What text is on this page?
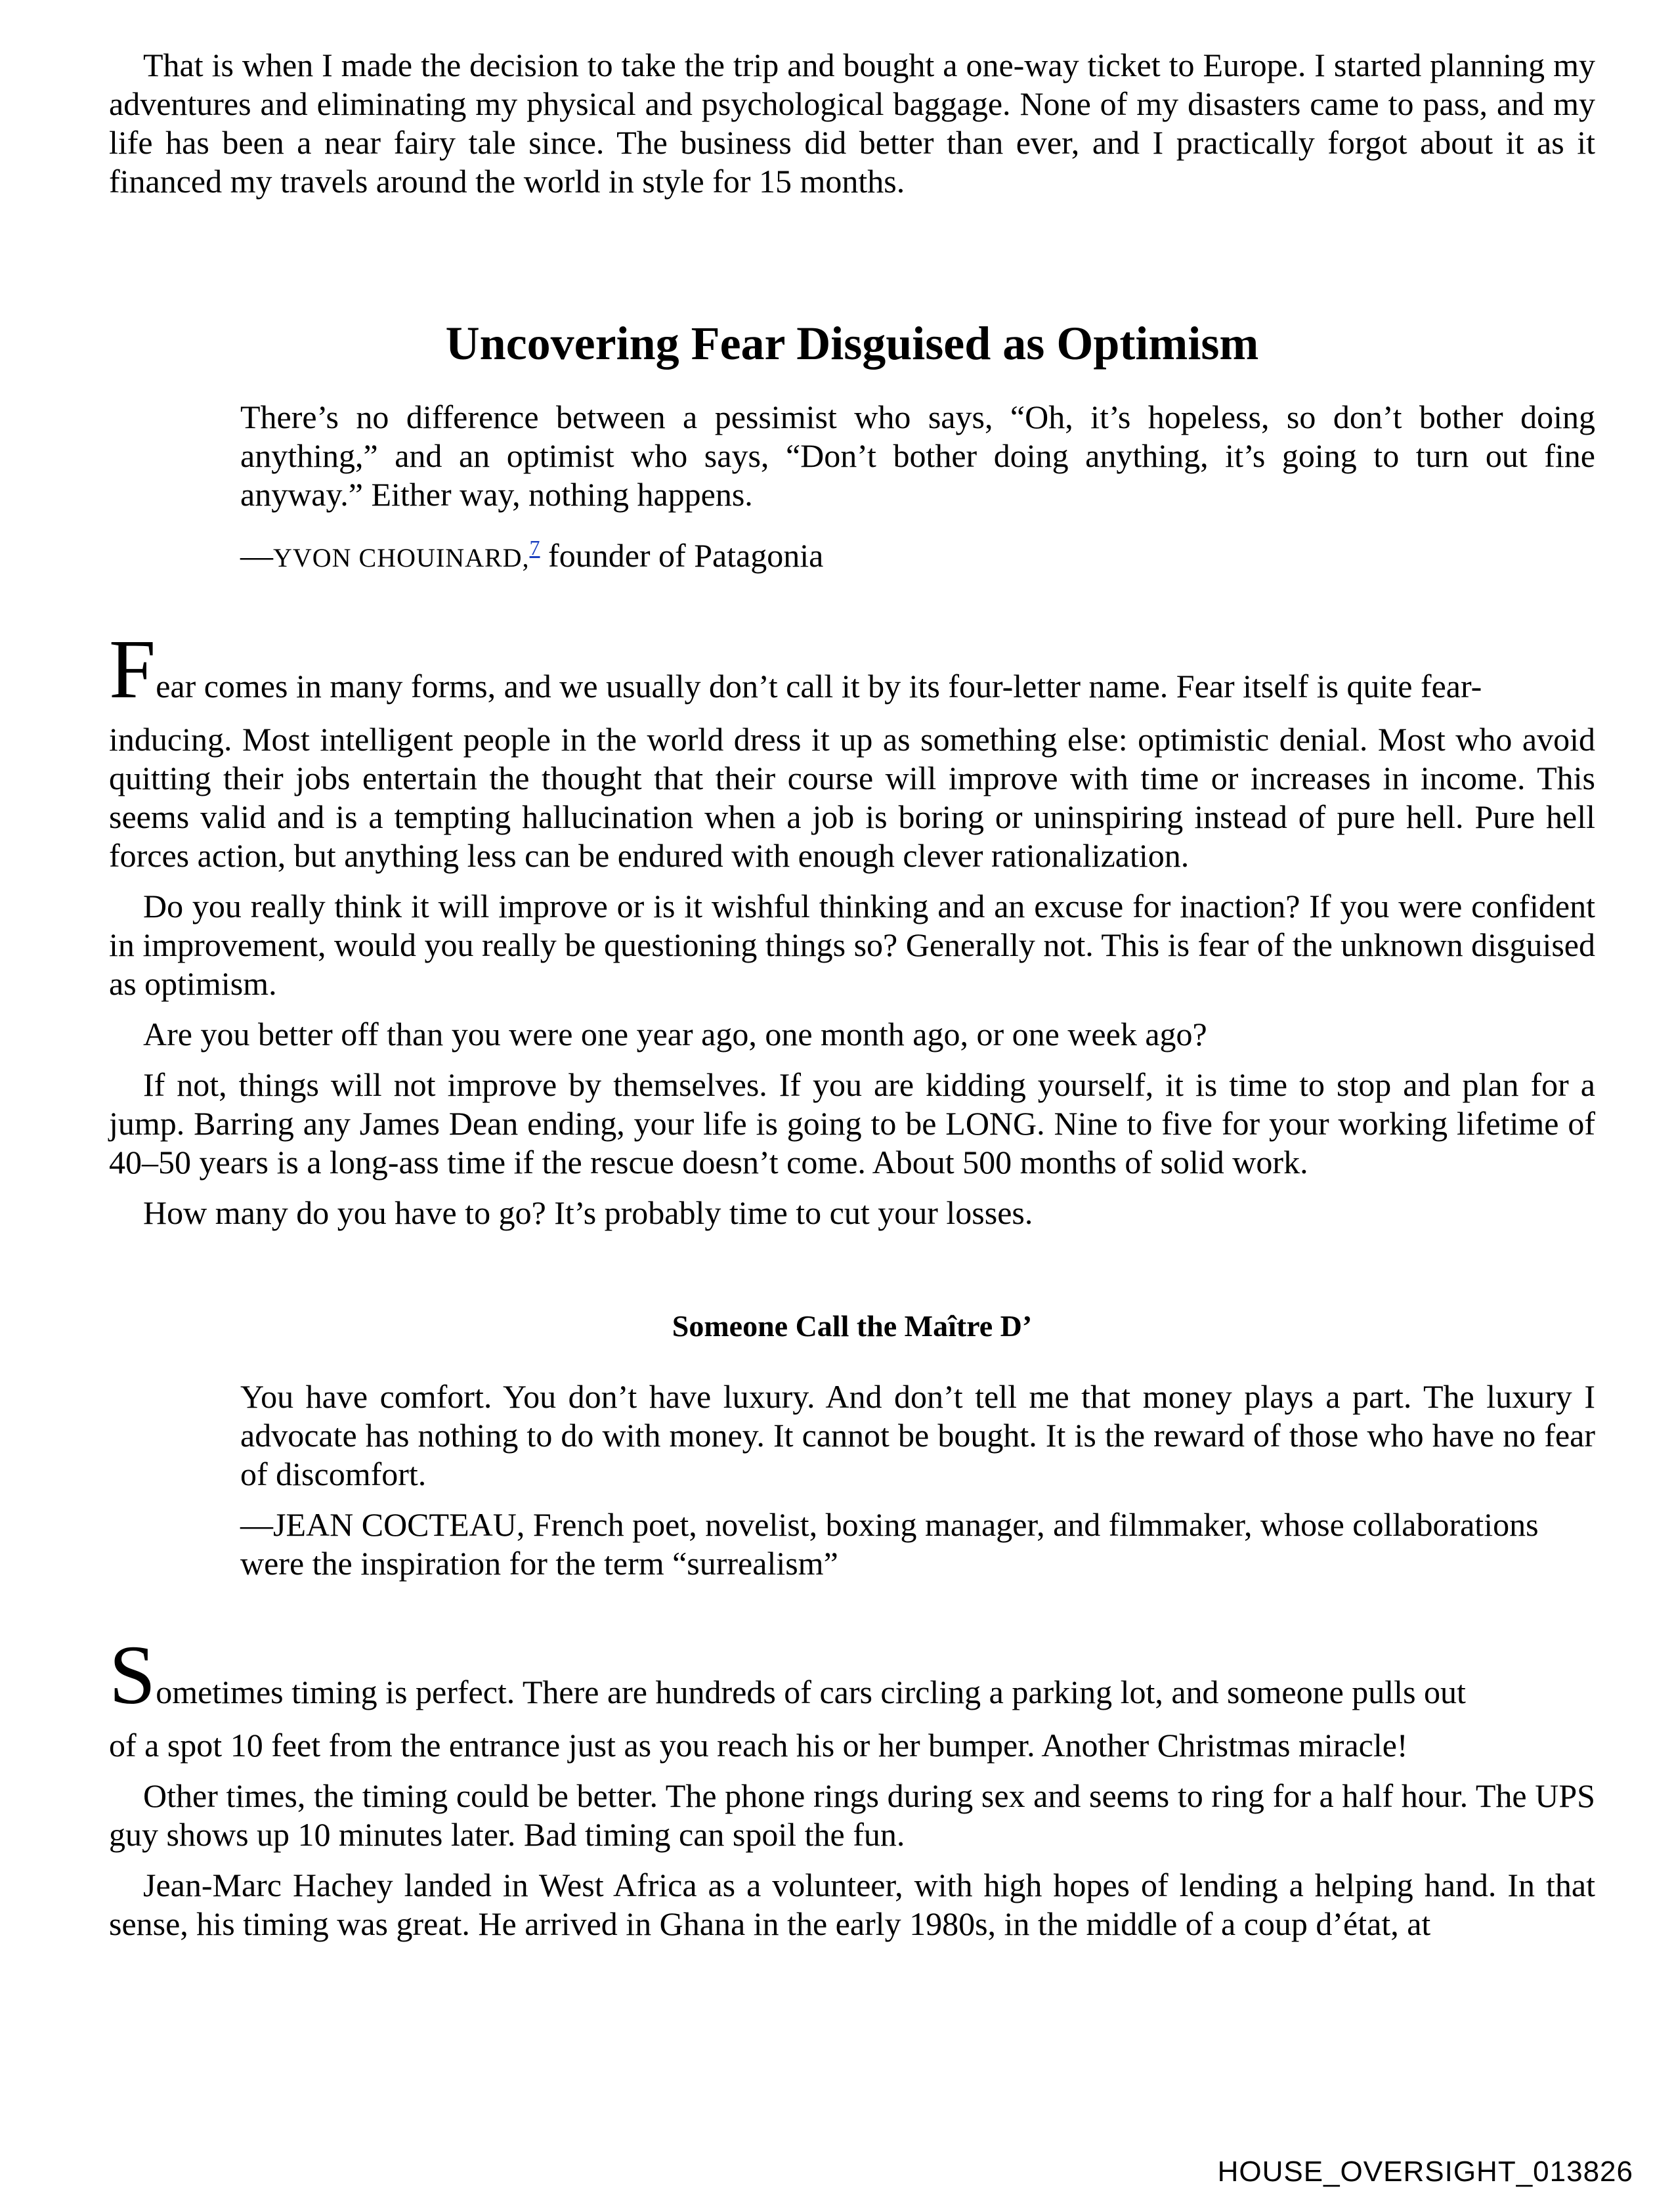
That is when I made the decision to take the trip and bought a one-way ticket to Europe. I started planning my adventures and eliminating my physical and psychological baggage. None of my disasters came to pass, and my life has been a near fairy tale since. The business did better than ever, and I practically forgot about it as it financed my travels around the world in style for 15 months.

Uncovering Fear Disguised as Optimism

There’s no difference between a pessimist who says, “Oh, it’s hopeless, so don’t bother doing anything,” and an optimist who says, “Don’t bother doing anything, it’s going to turn out fine anyway.” Either way, nothing happens.

—YVON CHOUINARD,$^7$ founder of Patagonia

Fear comes in many forms, and we usually don’t call it by its four-letter name. Fear itself is quite fear-

inducing. Most intelligent people in the world dress it up as something else: optimistic denial. Most who avoid quitting their jobs entertain the thought that their course will improve with time or increases in income. This seems valid and is a tempting hallucination when a job is boring or uninspiring instead of pure hell. Pure hell forces action, but anything less can be endured with enough clever rationalization.

Do you really think it will improve or is it wishful thinking and an excuse for inaction? If you were confident in improvement, would you really be questioning things so? Generally not. This is fear of the unknown disguised as optimism.

Are you better off than you were one year ago, one month ago, or one week ago?

If not, things will not improve by themselves. If you are kidding yourself, it is time to stop and plan for a jump. Barring any James Dean ending, your life is going to be LONG. Nine to five for your working lifetime of 40–50 years is a long-ass time if the rescue doesn’t come. About 500 months of solid work.

How many do you have to go? It’s probably time to cut your losses.

Someone Call the Maître D’

You have comfort. You don’t have luxury. And don’t tell me that money plays a part. The luxury I advocate has nothing to do with money. It cannot be bought. It is the reward of those who have no fear of discomfort.

—JEAN COCTEAU, French poet, novelist, boxing manager, and filmmaker, whose collaborations were the inspiration for the term “surrealism”

Sometimes timing is perfect. There are hundreds of cars circling a parking lot, and someone pulls out

of a spot 10 feet from the entrance just as you reach his or her bumper. Another Christmas miracle!

Other times, the timing could be better. The phone rings during sex and seems to ring for a half hour. The UPS guy shows up 10 minutes later. Bad timing can spoil the fun.

Jean-Marc Hachey landed in West Africa as a volunteer, with high hopes of lending a helping hand. In that sense, his timing was great. He arrived in Ghana in the early 1980s, in the middle of a coup d’état, at

HOUSE_OVERSIGHT_013826
